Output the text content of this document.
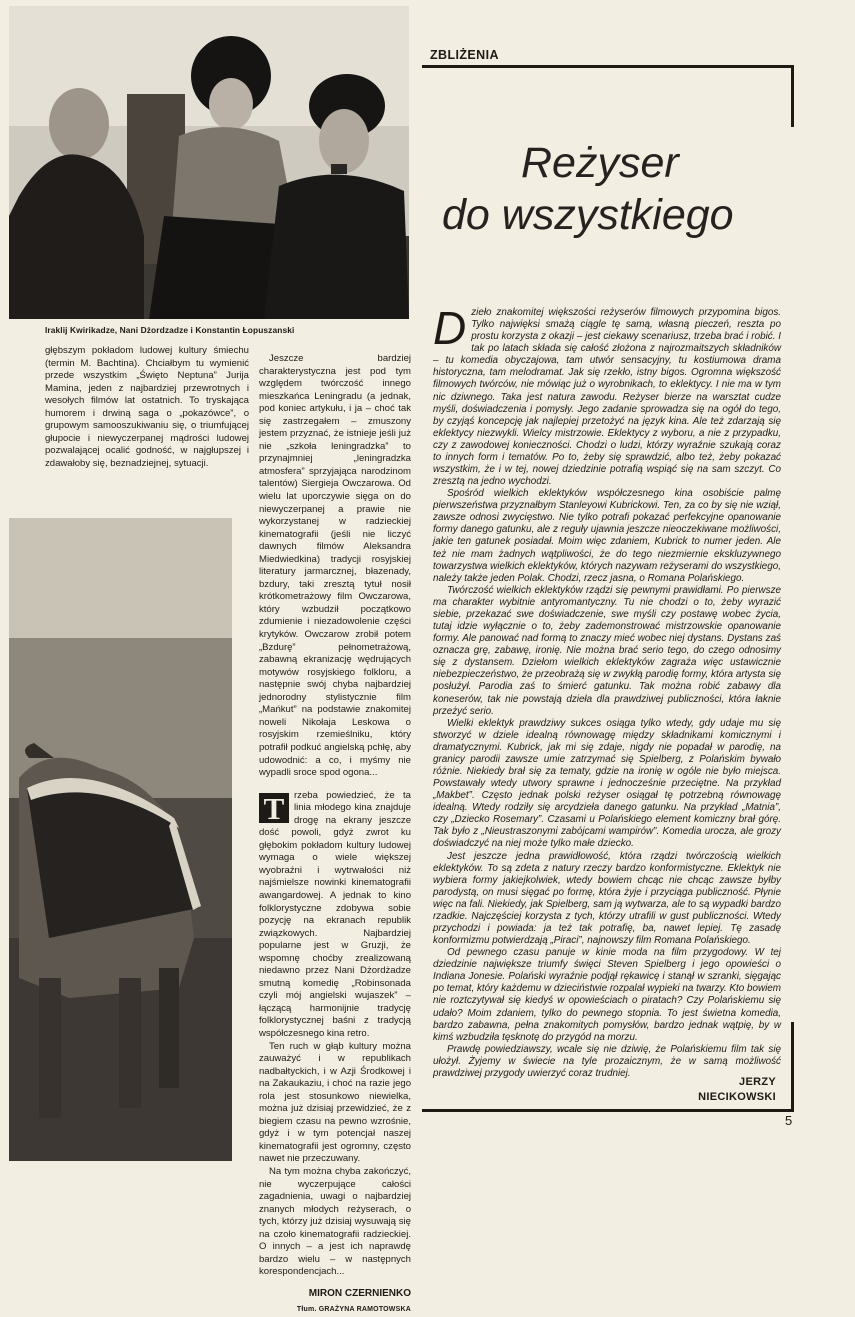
Iraklij Kwirikadze, Nani Dżordzadze i Konstantin Łopuszanski
głębszym pokładom ludowej kultury śmiechu (termin M. Bachtina). Chciałbym tu wymienić przede wszystkim „Święto Neptuna” Jurija Mamina, jeden z najbardziej przewrotnych i wesołych filmów lat ostatnich. To tryskająca humorem i drwiną saga o „pokazówce”, o grupowym samooszukiwaniu się, o triumfującej głupocie i niewyczerpanej mądrości ludowej pozwalającej ocalić godność, w najgłupszej i zdawałoby się, beznadziejnej, sytuacji.

Jeszcze bardziej charakterystyczna jest pod tym względem twórczość innego mieszkańca Leningradu (a jednak, pod koniec artykułu, i ja – choć tak się zastrzegałem – zmuszony jestem przyznać, że istnieje jeśli już nie „szkoła leningradzka” to przynajmniej „leningradzka atmosfera” sprzyjająca narodzinom talentów) Siergieja Owczarowa. Od wielu lat uporczywie sięga on do niewyczerpanej a prawie nie wykorzystanej w radzieckiej kinematografii (jeśli nie liczyć dawnych filmów Aleksandra Miedwiedkina) tradycji rosyjskiej literatury jarmarcznej, błazenady, bzdury, taki zresztą tytuł nosił krótkometrażowy film Owczarowa, który wzbudził początkowo zdumienie i niezadowolenie części krytyków. Owczarow zrobił potem „Bzdurę” pełnometrażową, zabawną ekranizację wędrujących motywów rosyjskiego folkloru, a następnie swój chyba najbardziej jednorodny stylistycznie film „Mańkut” na podstawie znakomitej noweli Nikołaja Leskowa o rosyjskim rzemieślniku, który potrafił podkuć angielską pchłę, aby udowodnić: a co, i myśmy nie wypadli sroce spod ogona...

T	rzeba powiedzieć, że ta linia młodego kina znajduje drogę na ekrany jeszcze dość powoli, gdyż zwrot ku głębokim pokładom kultury ludowej wymaga o wiele większej wyobraźni i wytrwałości niż najśmielsze nowinki kinematografii awangardowej. A jednak to kino folklorystyczne zdobywa sobie pozycję na ekranach republik związkowych. Najbardziej popularne jest w Gruzji, że wspomnę choćby zrealizowaną niedawno przez Nani Dżordżadze smutną komedię „Robinsonada czyli mój angielski wujaszek” – łączącą harmonijnie tradycję folklorystycznej baśni z tradycją współczesnego kina retro.

Ten ruch w głąb kultury można zauważyć i w republikach nadbałtyckich, i w Azji Środkowej i na Zakaukaziu, i choć na razie jego rola jest stosunkowo niewielka, można już dzisiaj przewidzieć, że z biegiem czasu na pewno wzrośnie, gdyż i w tym potencjał naszej kinematografii jest ogromny, często nawet nie przeczuwany.

Na tym można chyba zakończyć, nie wyczerpujące całości zagadnienia, uwagi o najbardziej znanych młodych reżyserach, o tych, którzy już dzisiaj wysuwają się na czoło kinematografii radzieckiej. O innych – a jest ich naprawdę bardzo wielu – w następnych korespondencjach...

MIRON CZERNIENKO
Tłum. GRAŻYNA RAMOTOWSKA
ZBLIŻENIA
Reżyser
do wszystkiego

Dzieło znakomitej większości reżyserów filmowych przypomina bigos. Tylko najwięksi smażą ciągle tę samą, własną pieczeń, reszta po prostu korzysta z okazji – jest ciekawy scenariusz, trzeba brać i robić. I tak po latach składa się całość złożona z najrozmaitszych składników – tu komedia obyczajowa, tam utwór sensacyjny, tu kostiumowa drama historyczna, tam melodramat. Jak się rzekło, istny bigos. Ogromna większość filmowych twórców, nie mówiąc już o wyrobnikach, to eklektycy. I nie ma w tym nic dziwnego. Taka jest natura zawodu. Reżyser bierze na warsztat cudze myśli, doświadczenia i pomysły. Jego zadanie sprowadza się na ogół do tego, by czyjąś koncepcję jak najlepiej przetożyć na język kina. Ale też zdarzają się eklektycy niezwykli. Wielcy mistrzowie. Eklektycy z wyboru, a nie z przypadku, czy z zawodowej konieczności. Chodzi o ludzi, którzy wyraźnie szukają coraz to innych form i tematów. Po to, żeby się sprawdzić, albo też, żeby pokazać wszystkim, że i w tej, nowej dziedzinie potrafią wspiąć się na sam szczyt. Co zresztą na jedno wychodzi.

Spośród wielkich eklektyków współczesnego kina osobiście palmę pierwszeństwa przyznałbym Stanleyowi Kubrickowi. Ten, za co by się nie wziął, zawsze odnosi zwycięstwo. Nie tylko potrafi pokazać perfekcyjne opanowanie formy danego gatunku, ale z reguły ujawnia jeszcze nieoczekiwane możliwości, jakie ten gatunek posiadał. Moim więc zdaniem, Kubrick to numer jeden. Ale też nie mam żadnych wątpliwości, że do tego niezmiernie ekskluzywnego towarzystwa wielkich eklektyków, których nazywam reżyserami do wszystkiego, należy także jeden Polak. Chodzi, rzecz jasna, o Romana Polańskiego.

Twórczość wielkich eklektyków rządzi się pewnymi prawidłami. Po pierwsze ma charakter wybitnie antyromantyczny. Tu nie chodzi o to, żeby wyrazić siebie, przekazać swe doświadczenie, swe myśli czy postawę wobec życia, tutaj idzie wyłącznie o to, żeby zademonstrować mistrzowskie opanowanie formy. Ale panować nad formą to znaczy mieć wobec niej dystans. Dystans zaś oznacza grę, zabawę, ironię. Nie można brać serio tego, do czego odnosimy się z dystansem. Dziełom wielkich eklektyków zagraża więc ustawicznie niebezpieczeństwo, że przeobrażą się w zwykłą parodię formy, która artysta się posłużył. Parodia zaś to śmierć gatunku. Tak można robić zabawy dla koneserów, tak nie powstają dzieła dla prawdziwej publiczności, która łaknie przeżyć serio.

Wielki eklektyk prawdziwy sukces osiąga tylko wtedy, gdy udaje mu się stworzyć w dziele idealną równowagę między składnikami komicznymi i dramatycznymi. Kubrick, jak mi się zdaje, nigdy nie popadał w parodię, na granicy parodii zawsze umie zatrzymać się Spielberg, z Polańskim bywało różnie. Niekiedy brał się za tematy, gdzie na ironię w ogóle nie było miejsca. Powstawały wtedy utwory sprawne i jednocześnie przeciętne. Na przykład „Makbet”. Często jednak polski reżyser osiągał tę potrzebną równowagę idealną. Wtedy rodziły się arcydzieła danego gatunku. Na przykład „Matnia”, czy „Dziecko Rosemary”. Czasami u Polańskiego element komiczny brał górę. Tak było z „Nieustraszonymi zabójcami wampirów”. Komedia urocza, ale grozy doświadczyć na niej może tylko małe dziecko.

Jest jeszcze jedna prawidłowość, która rządzi twórczością wielkich eklektyków. To są zdeta z natury rzeczy bardzo konformistyczne. Eklektyk nie wybiera formy jakiejkolwiek, wtedy bowiem chcąc nie chcąc zawsze byłby parodystą, on musi sięgać po formę, która żyje i przyciąga publiczność. Płynie więc na fali. Niekiedy, jak Spielberg, sam ją wytwarza, ale to są wypadki bardzo rzadkie. Najczęściej korzysta z tych, którzy utrafili w gust publiczności. Wtedy przychodzi i powiada: ja też tak potrafię, ba, nawet lepiej. Tę zasadę konformizmu potwierdzają „Piraci”, najnowszy film Romana Polańskiego.

Od pewnego czasu panuje w kinie moda na film przygodowy. W tej dziedzinie największe triumfy święci Steven Spielberg i jego opowieści o Indiana Jonesie. Polański wyraźnie podjął rękawicę i stanął w szranki, sięgając po temat, który każdemu w dzieciństwie rozpalał wypieki na twarzy. Kto bowiem nie roztczytywał się kiedyś w opowieściach o piratach? Czy Polańskiemu się udało? Moim zdaniem, tylko do pewnego stopnia. To jest świetna komedia, bardzo zabawna, pełna znakomitych pomysłów, bardzo jednak wątpię, by w kimś wzbudziła tęsknotę do przygód na morzu.

Prawdę powiedziawszy, wcale się nie dziwię, że Polańskiemu film tak się ułożył. Żyjemy w świecie na tyle prozaicznym, że w samą możliwość prawdziwej przygody uwierzyć coraz trudniej.

JERZY
NIECIKOWSKI
5
